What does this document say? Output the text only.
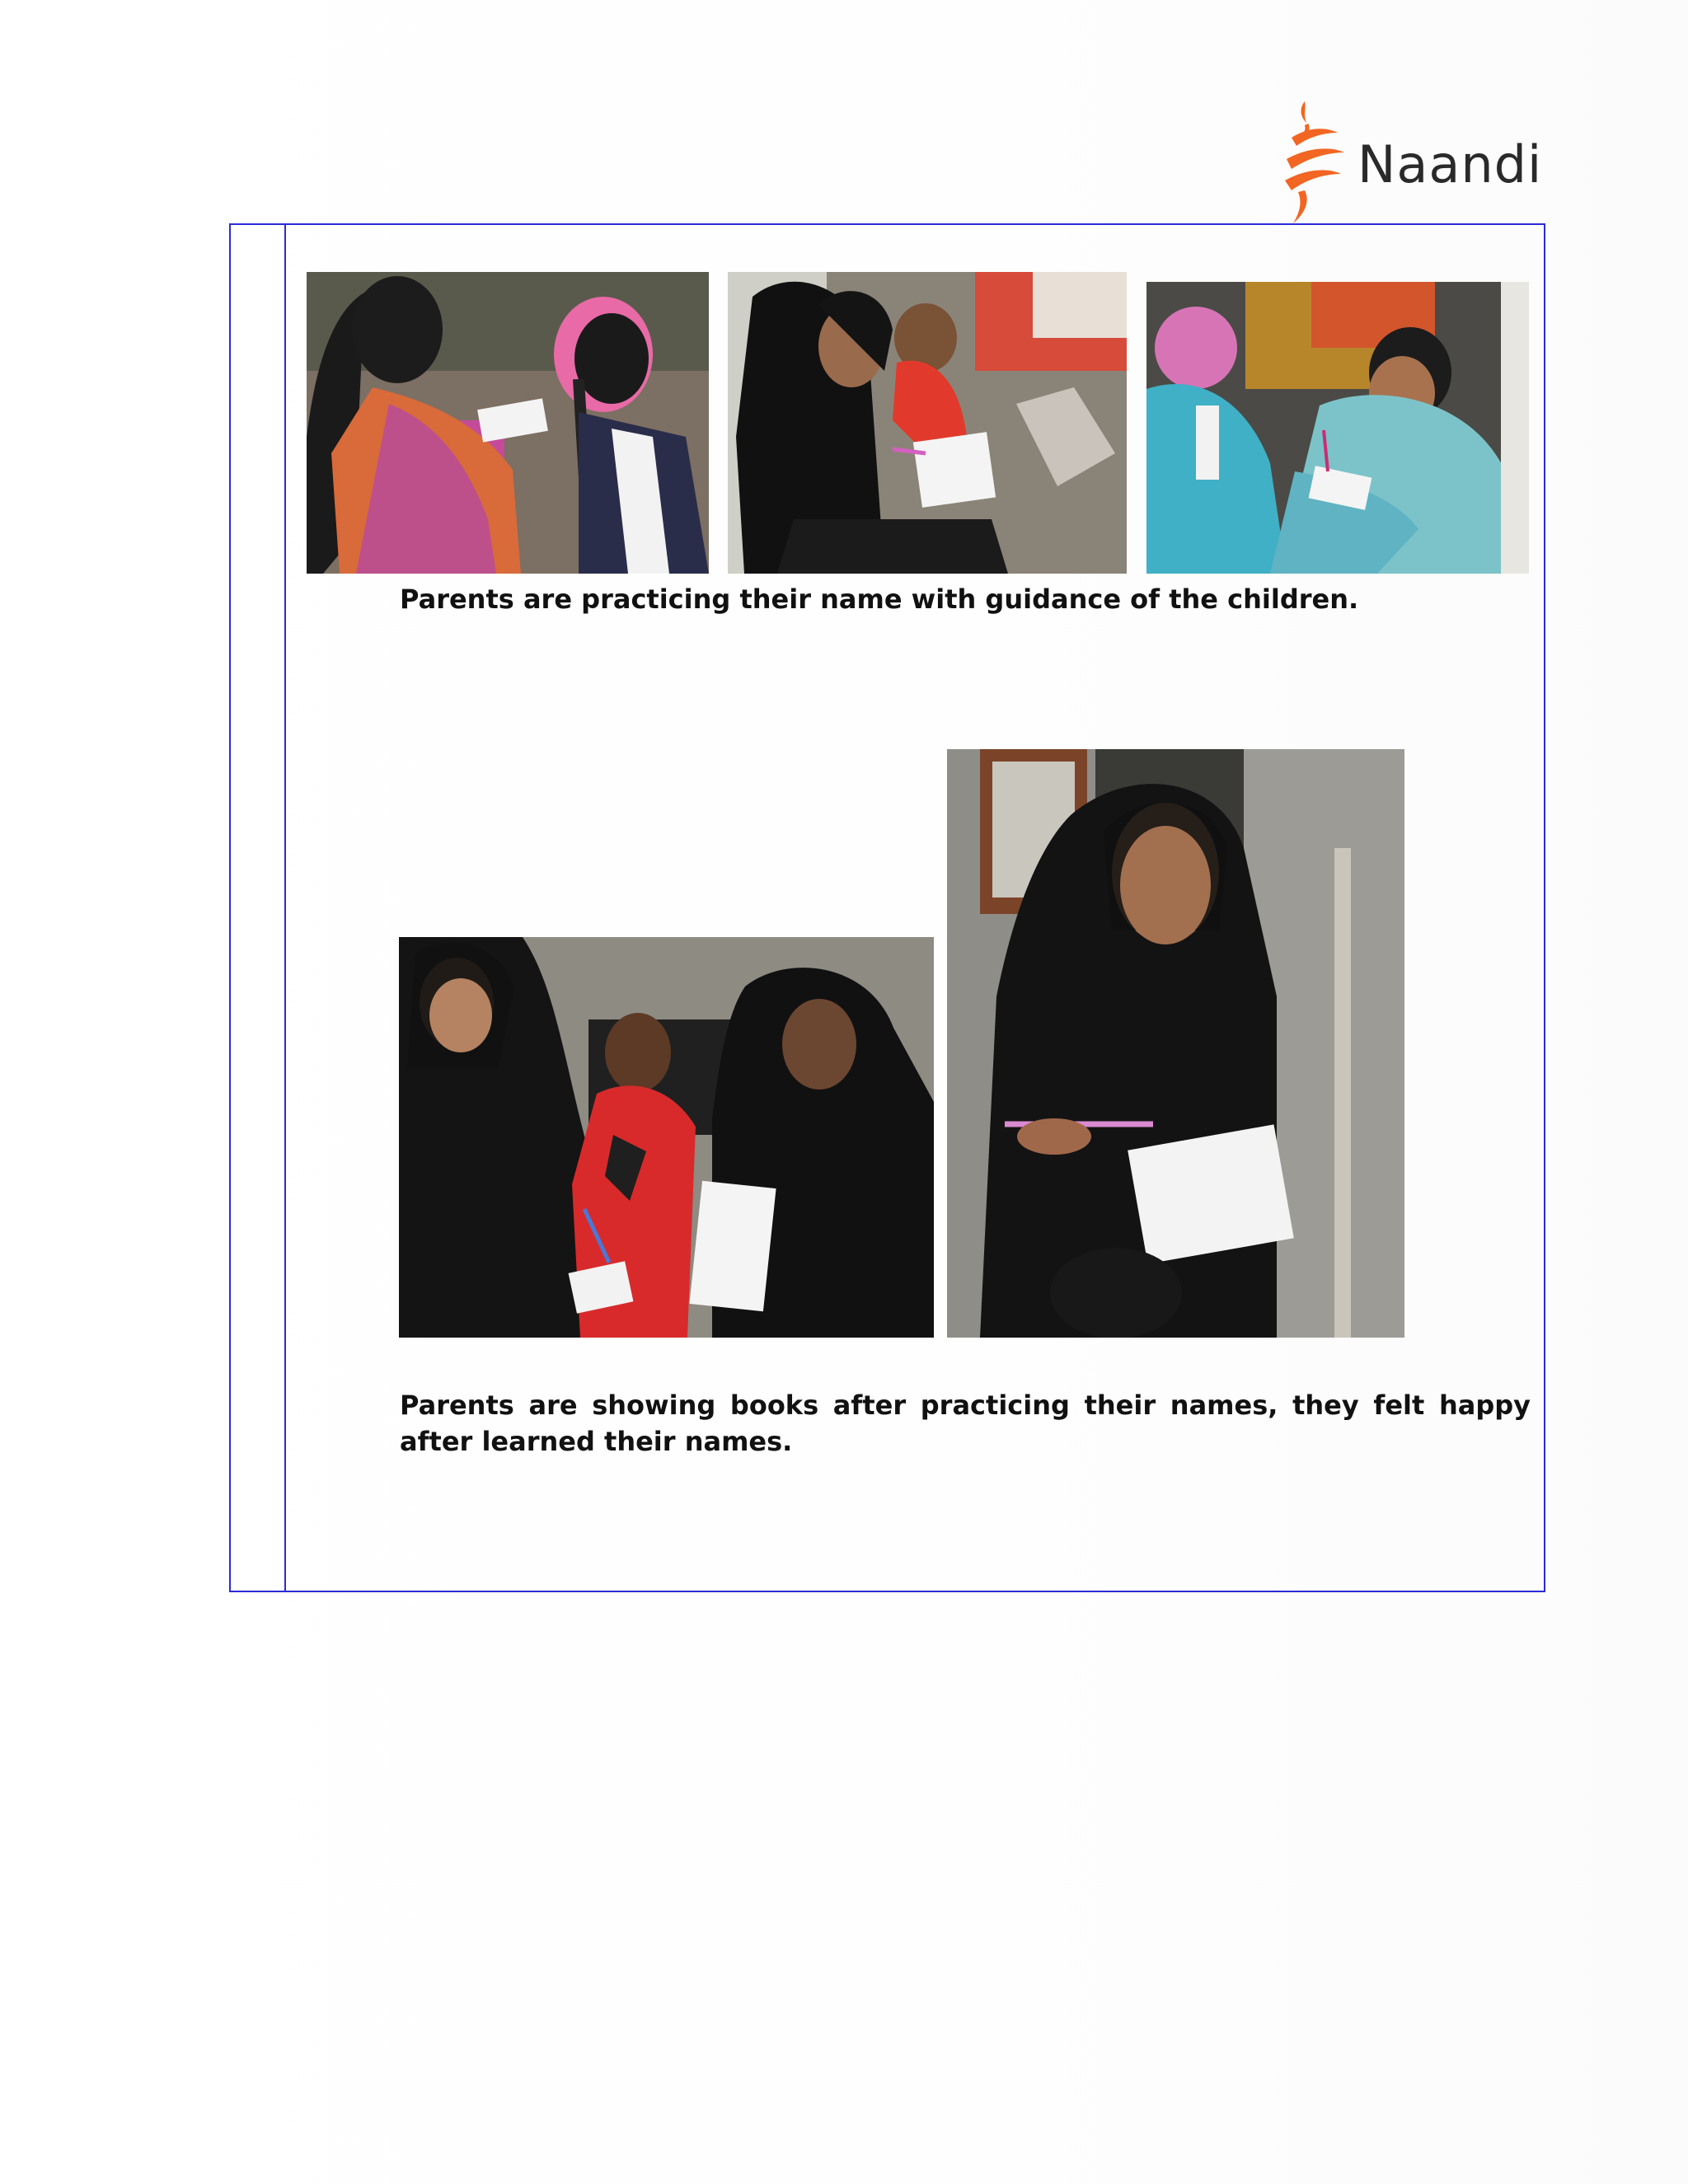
Naandi
Parents are practicing their name with guidance of the children.
Parents are showing books after practicing their names, they felt happy after learned their names.
